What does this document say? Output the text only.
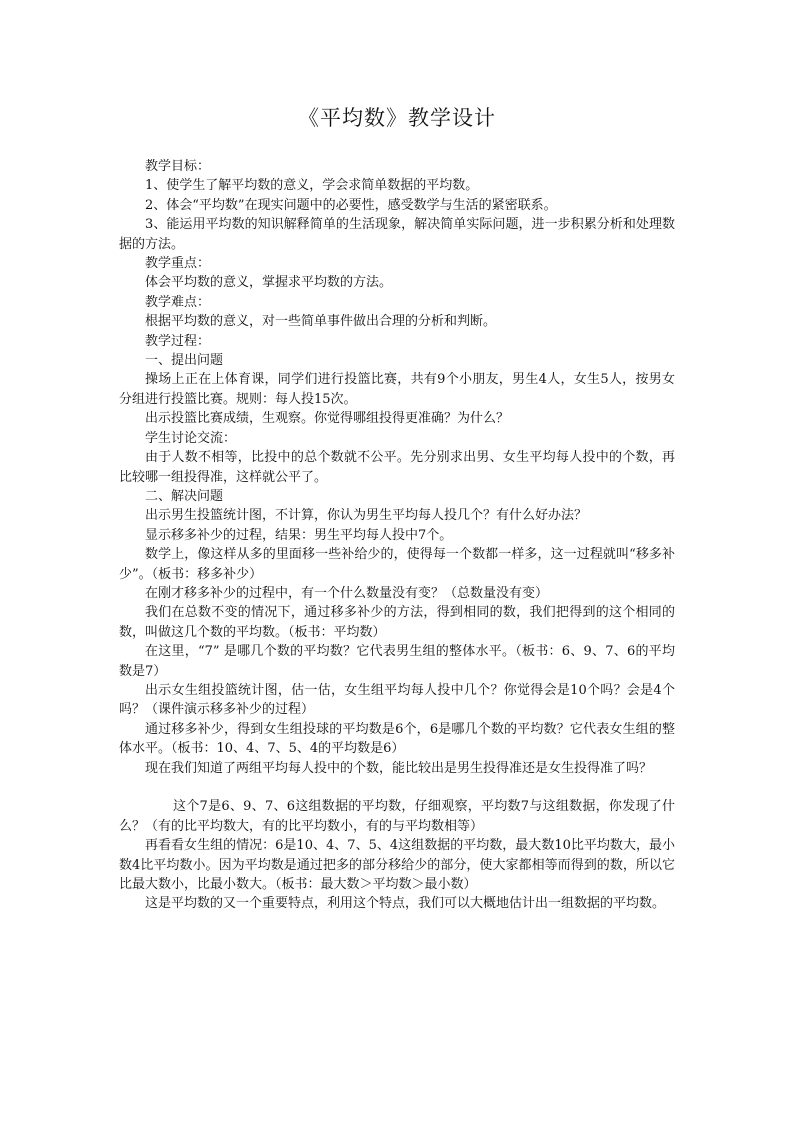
《平均数》教学设计

教学目标：

1、使学生了解平均数的意义，学会求简单数据的平均数。

2、体会“平均数”在现实问题中的必要性，感受数学与生活的紧密联系。

3、能运用平均数的知识解释简单的生活现象，解决简单实际问题，进一步积累分析和处理数据的方法。

教学重点：

体会平均数的意义，掌握求平均数的方法。

教学难点：

根据平均数的意义，对一些简单事件做出合理的分析和判断。

教学过程：

一、提出问题

操场上正在上体育课，同学们进行投篮比赛，共有9个小朋友，男生4人，女生5人，按男女分组进行投篮比赛。规则：每人投15次。

出示投篮比赛成绩，生观察。你觉得哪组投得更准确？为什么？

学生讨论交流：

由于人数不相等，比投中的总个数就不公平。先分别求出男、女生平均每人投中的个数，再比较哪一组投得准，这样就公平了。

二、解决问题

出示男生投篮统计图，不计算，你认为男生平均每人投几个？有什么好办法？

显示移多补少的过程，结果：男生平均每人投中7个。

数学上，像这样从多的里面移一些补给少的，使得每一个数都一样多，这一过程就叫“移多补少”。（板书：移多补少）

在刚才移多补少的过程中，有一个什么数量没有变？（总数量没有变）

我们在总数不变的情况下，通过移多补少的方法，得到相同的数，我们把得到的这个相同的数，叫做这几个数的平均数。（板书：平均数）

在这里，“7” 是哪几个数的平均数？它代表男生组的整体水平。（板书：6、9、7、6的平均数是7）

出示女生组投篮统计图，估一估，女生组平均每人投中几个？你觉得会是10个吗？会是4个吗？（课件演示移多补少的过程）

通过移多补少，得到女生组投球的平均数是6个，6是哪几个数的平均数？它代表女生组的整体水平。（板书：10、4、7、5、4的平均数是6）

现在我们知道了两组平均每人投中的个数，能比较出是男生投得准还是女生投得准了吗？

这个7是6、9、7、6这组数据的平均数，仔细观察，平均数7与这组数据，你发现了什么？（有的比平均数大，有的比平均数小，有的与平均数相等）

再看看女生组的情况：6是10、4、7、5、4这组数据的平均数，最大数10比平均数大，最小数4比平均数小。因为平均数是通过把多的部分移给少的部分，使大家都相等而得到的数，所以它比最大数小，比最小数大。（板书：最大数＞平均数＞最小数）

这是平均数的又一个重要特点，利用这个特点，我们可以大概地估计出一组数据的平均数。
